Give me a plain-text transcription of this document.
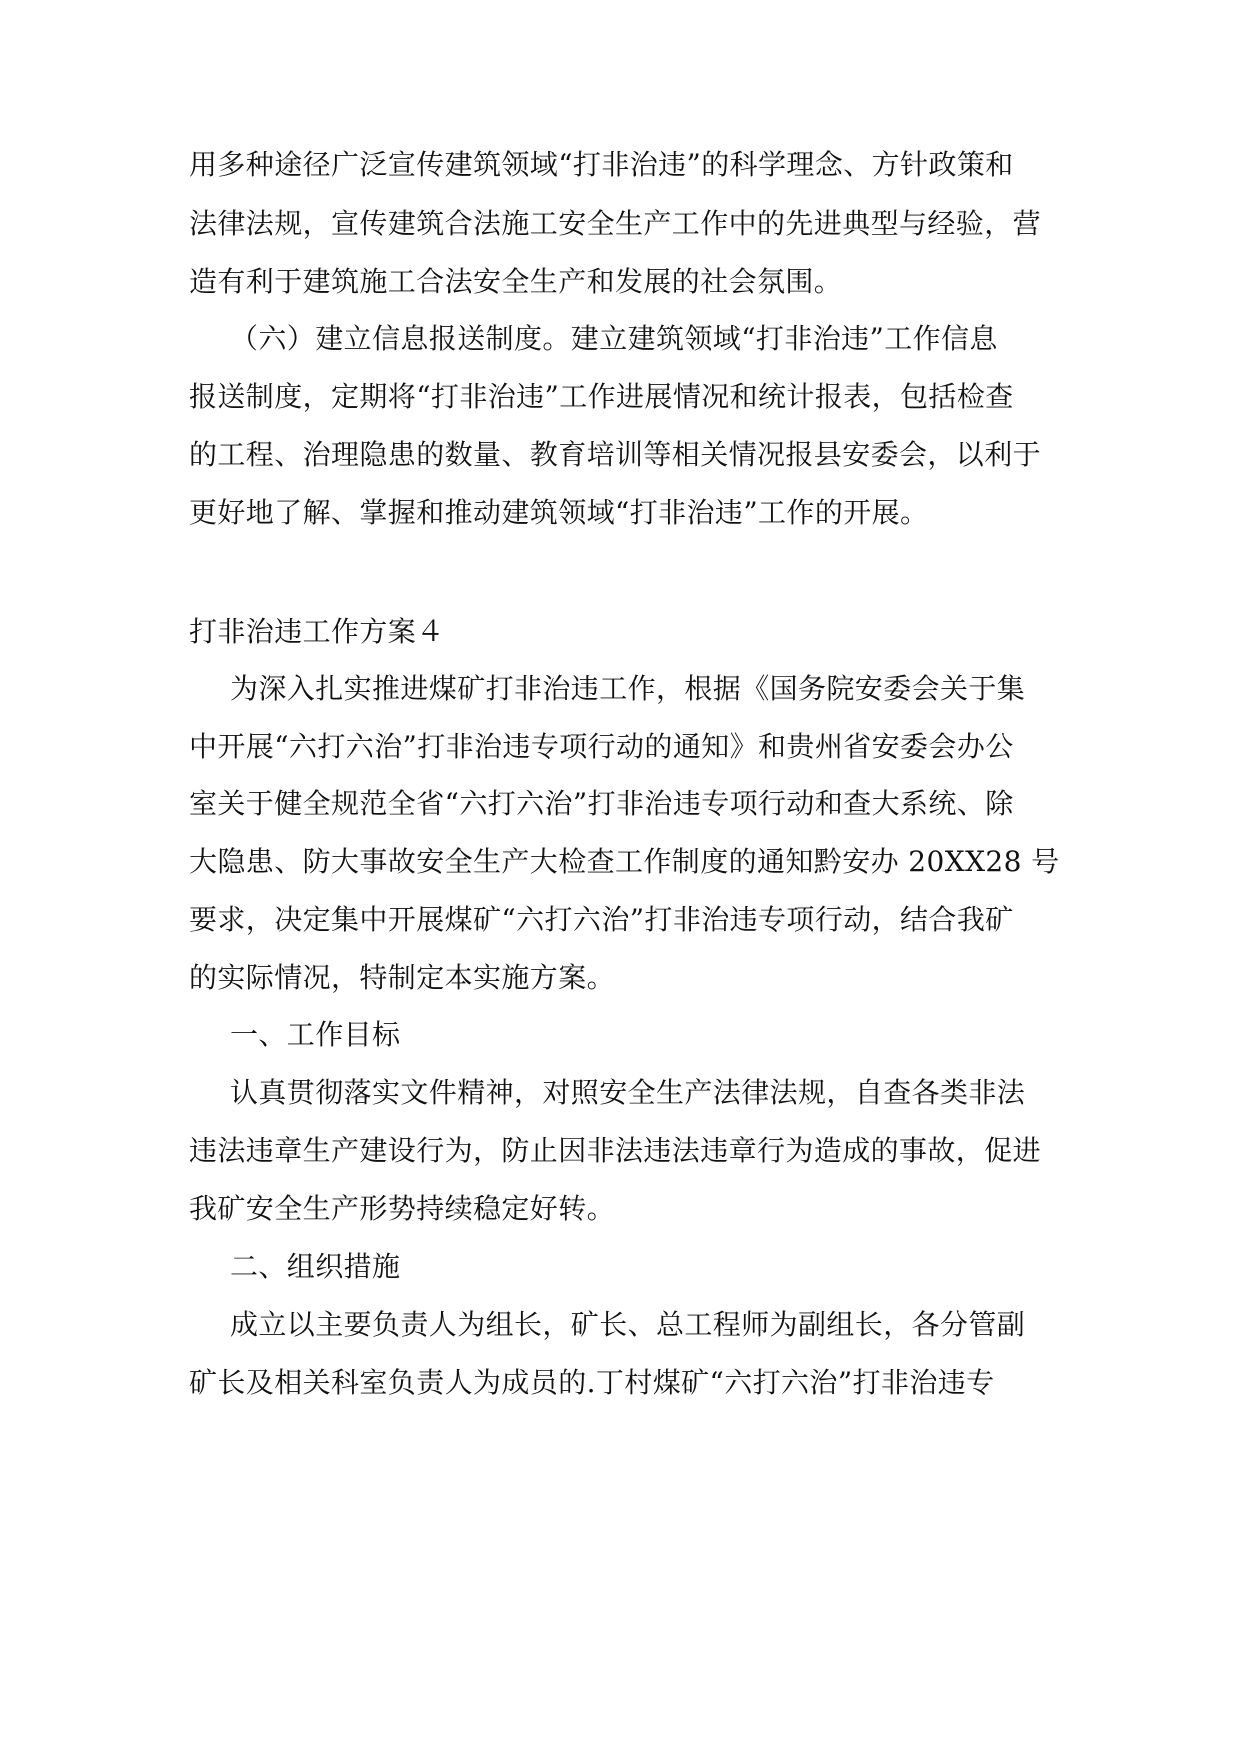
用多种途径广泛宣传建筑领域“打非治违”的科学理念、方针政策和
法律法规，宣传建筑合法施工安全生产工作中的先进典型与经验，营
造有利于建筑施工合法安全生产和发展的社会氛围。
（六）建立信息报送制度。建立建筑领域“打非治违”工作信息
报送制度，定期将“打非治违”工作进展情况和统计报表，包括检查
的工程、治理隐患的数量、教育培训等相关情况报县安委会，以利于
更好地了解、掌握和推动建筑领域“打非治违”工作的开展。
打非治违工作方案４
为深入扎实推进煤矿打非治违工作，根据《国务院安委会关于集
中开展“六打六治”打非治违专项行动的通知》和贵州省安委会办公
室关于健全规范全省“六打六治”打非治违专项行动和查大系统、除
大隐患、防大事故安全生产大检查工作制度的通知黔安办 20XX28 号
要求，决定集中开展煤矿“六打六治”打非治违专项行动，结合我矿
的实际情况，特制定本实施方案。
一、工作目标
认真贯彻落实文件精神，对照安全生产法律法规，自查各类非法
违法违章生产建设行为，防止因非法违法违章行为造成的事故，促进
我矿安全生产形势持续稳定好转。
二、组织措施
成立以主要负责人为组长，矿长、总工程师为副组长，各分管副
矿长及相关科室负责人为成员的.丁村煤矿“六打六治”打非治违专
